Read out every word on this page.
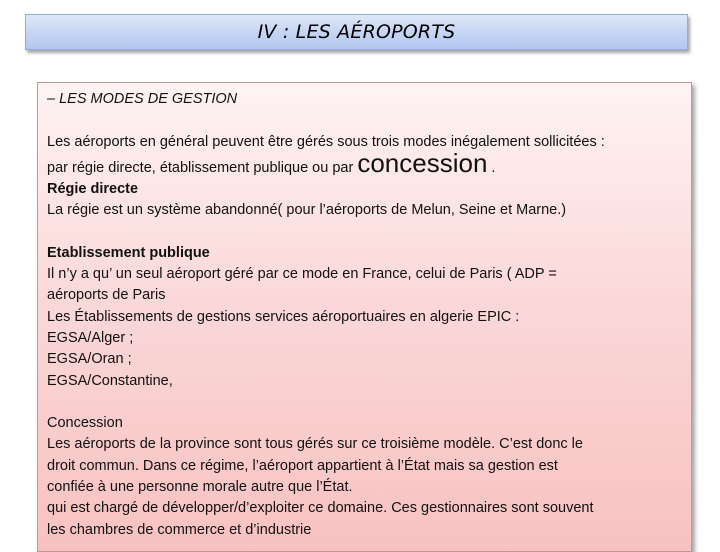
IV : LES AÉROPORTS
– LES MODES DE GESTION
Les aéroports en général peuvent être gérés sous trois modes inégalement sollicitées :
par régie directe, établissement publique ou par concession .
Régie directe
La régie est un système abandonné( pour l’aéroports de Melun, Seine et Marne.)
Etablissement publique
Il n’y a qu’ un seul aéroport géré par ce mode en France, celui de Paris ( ADP =
aéroports de Paris
Les Établissements de gestions services aéroportuaires en algerie EPIC :
EGSA/Alger ;
EGSA/Oran ;
EGSA/Constantine,
Concession
Les aéroports de la province sont tous gérés sur ce troisième modèle. C’est donc le
droit commun. Dans ce régime, l’aéroport appartient à l’État mais sa gestion est
confiée à une personne morale autre que l’État.
qui est chargé de développer/d’exploiter ce domaine. Ces gestionnaires sont souvent
les chambres de commerce et d’industrie
